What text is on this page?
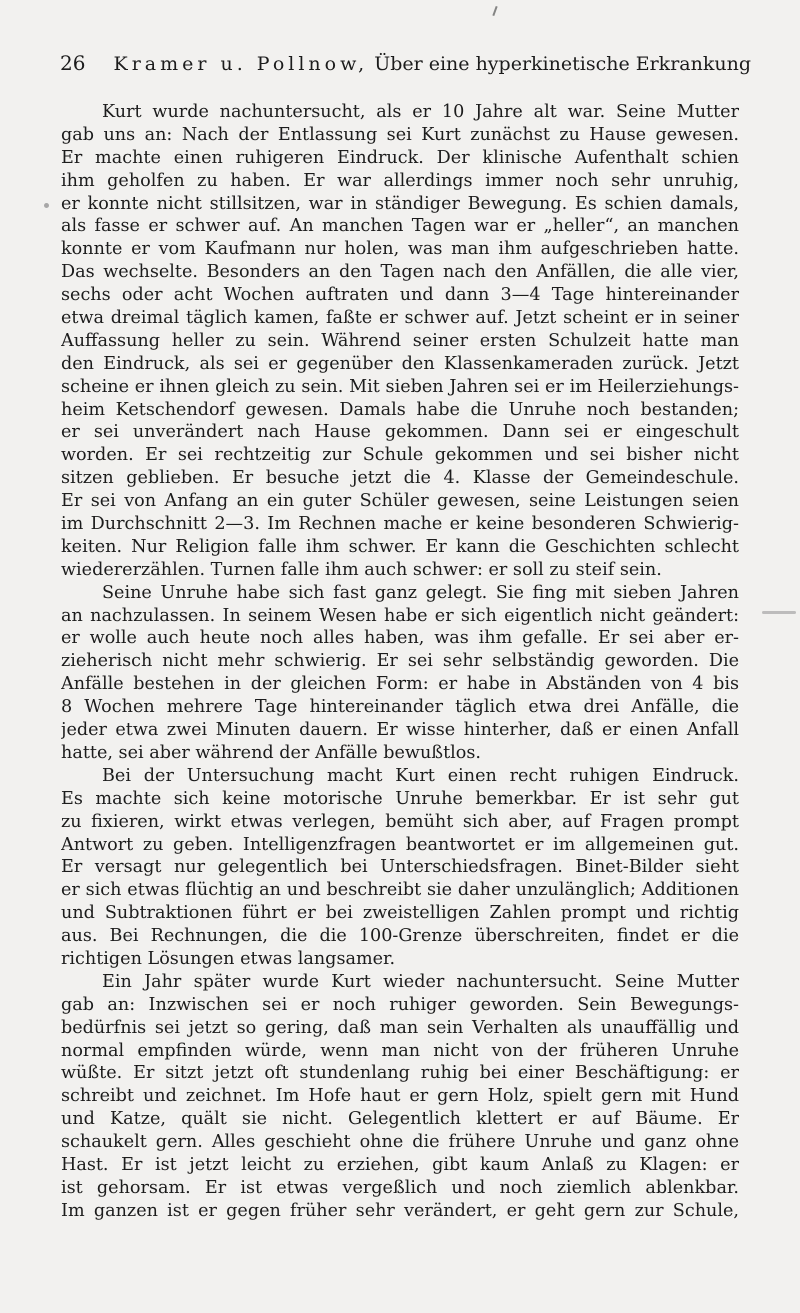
26 Kramer u. Pollnow, Über eine hyperkinetische Erkrankung
Kurt wurde nachuntersucht, als er 10 Jahre alt war. Seine Mutter
gab uns an: Nach der Entlassung sei Kurt zunächst zu Hause gewesen.
Er machte einen ruhigeren Eindruck. Der klinische Aufenthalt schien
ihm geholfen zu haben. Er war allerdings immer noch sehr unruhig,
er konnte nicht stillsitzen, war in ständiger Bewegung. Es schien damals,
als fasse er schwer auf. An manchen Tagen war er „heller“, an manchen
konnte er vom Kaufmann nur holen, was man ihm aufgeschrieben hatte.
Das wechselte. Besonders an den Tagen nach den Anfällen, die alle vier,
sechs oder acht Wochen auftraten und dann 3—4 Tage hintereinander
etwa dreimal täglich kamen, faßte er schwer auf. Jetzt scheint er in seiner
Auffassung heller zu sein. Während seiner ersten Schulzeit hatte man
den Eindruck, als sei er gegenüber den Klassenkameraden zurück. Jetzt
scheine er ihnen gleich zu sein. Mit sieben Jahren sei er im Heilerziehungs-
heim Ketschendorf gewesen. Damals habe die Unruhe noch bestanden;
er sei unverändert nach Hause gekommen. Dann sei er eingeschult
worden. Er sei rechtzeitig zur Schule gekommen und sei bisher nicht
sitzen geblieben. Er besuche jetzt die 4. Klasse der Gemeindeschule.
Er sei von Anfang an ein guter Schüler gewesen, seine Leistungen seien
im Durchschnitt 2—3. Im Rechnen mache er keine besonderen Schwierig-
keiten. Nur Religion falle ihm schwer. Er kann die Geschichten schlecht
wiedererzählen. Turnen falle ihm auch schwer: er soll zu steif sein.
Seine Unruhe habe sich fast ganz gelegt. Sie fing mit sieben Jahren
an nachzulassen. In seinem Wesen habe er sich eigentlich nicht geändert:
er wolle auch heute noch alles haben, was ihm gefalle. Er sei aber er-
zieherisch nicht mehr schwierig. Er sei sehr selbständig geworden. Die
Anfälle bestehen in der gleichen Form: er habe in Abständen von 4 bis
8 Wochen mehrere Tage hintereinander täglich etwa drei Anfälle, die
jeder etwa zwei Minuten dauern. Er wisse hinterher, daß er einen Anfall
hatte, sei aber während der Anfälle bewußtlos.
Bei der Untersuchung macht Kurt einen recht ruhigen Eindruck.
Es machte sich keine motorische Unruhe bemerkbar. Er ist sehr gut
zu fixieren, wirkt etwas verlegen, bemüht sich aber, auf Fragen prompt
Antwort zu geben. Intelligenzfragen beantwortet er im allgemeinen gut.
Er versagt nur gelegentlich bei Unterschiedsfragen. Binet-Bilder sieht
er sich etwas flüchtig an und beschreibt sie daher unzulänglich; Additionen
und Subtraktionen führt er bei zweistelligen Zahlen prompt und richtig
aus. Bei Rechnungen, die die 100-Grenze überschreiten, findet er die
richtigen Lösungen etwas langsamer.
Ein Jahr später wurde Kurt wieder nachuntersucht. Seine Mutter
gab an: Inzwischen sei er noch ruhiger geworden. Sein Bewegungs-
bedürfnis sei jetzt so gering, daß man sein Verhalten als unauffällig und
normal empfinden würde, wenn man nicht von der früheren Unruhe
wüßte. Er sitzt jetzt oft stundenlang ruhig bei einer Beschäftigung: er
schreibt und zeichnet. Im Hofe haut er gern Holz, spielt gern mit Hund
und Katze, quält sie nicht. Gelegentlich klettert er auf Bäume. Er
schaukelt gern. Alles geschieht ohne die frühere Unruhe und ganz ohne
Hast. Er ist jetzt leicht zu erziehen, gibt kaum Anlaß zu Klagen: er
ist gehorsam. Er ist etwas vergeßlich und noch ziemlich ablenkbar.
Im ganzen ist er gegen früher sehr verändert, er geht gern zur Schule,
